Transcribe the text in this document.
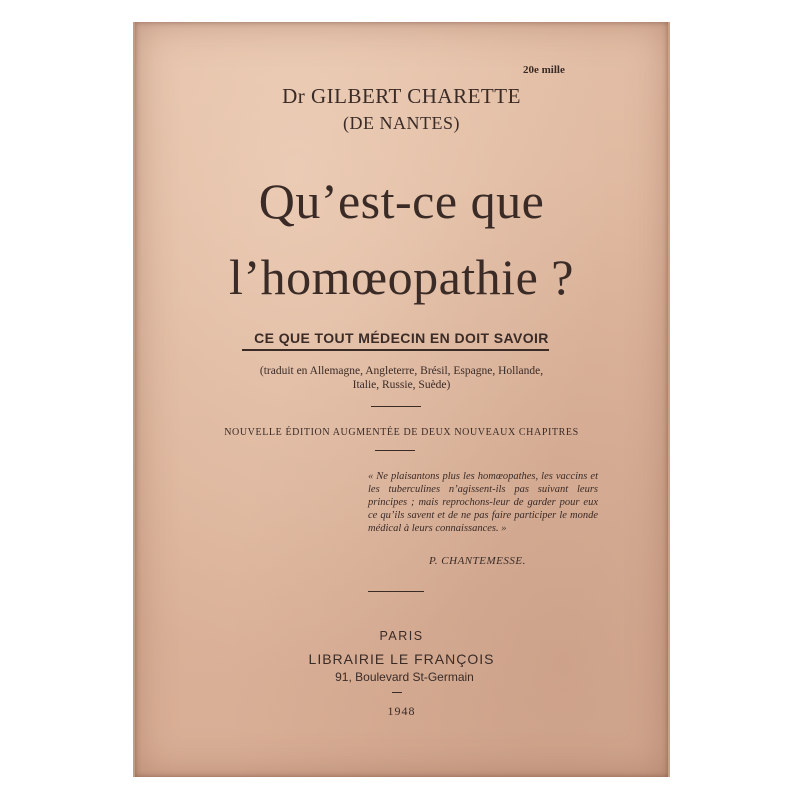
20e mille
Dr GILBERT CHARETTE
(DE NANTES)
Qu’est-ce que
l’homœopathie ?
CE QUE TOUT MÉDECIN EN DOIT SAVOIR
(traduit en Allemagne, Angleterre, Brésil, Espagne, Hollande,
Italie, Russie, Suède)
NOUVELLE ÉDITION AUGMENTÉE DE DEUX NOUVEAUX CHAPITRES
« Ne plaisantons plus les homœopathes, les vaccins et les tuberculines n’agissent-ils pas suivant leurs principes ; mais reprochons-leur de garder pour eux ce qu’ils savent et de ne pas faire participer le monde médical à leurs connaissances. »
P. CHANTEMESSE.
PARIS
LIBRAIRIE LE FRANÇOIS
91, Boulevard St-Germain
1948
